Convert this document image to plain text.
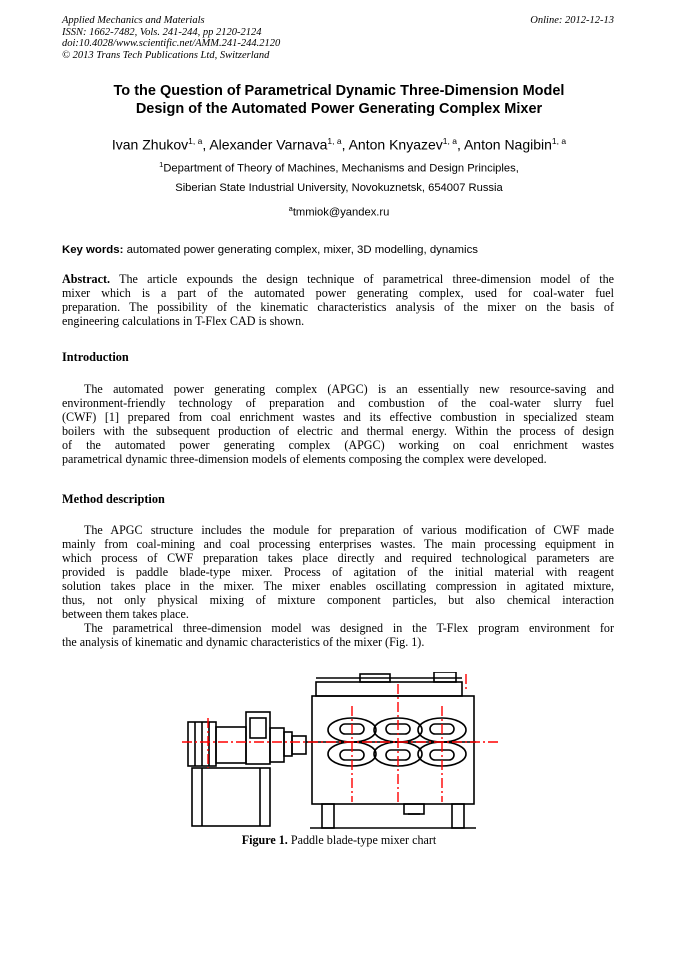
Applied Mechanics and Materials
ISSN: 1662-7482, Vols. 241-244, pp 2120-2124
doi:10.4028/www.scientific.net/AMM.241-244.2120
© 2013 Trans Tech Publications Ltd, Switzerland
Online: 2012-12-13
To the Question of Parametrical Dynamic Three-Dimension Model
Design of the Automated Power Generating Complex Mixer
Ivan Zhukov$^{1, a}$, Alexander Varnava$^{1, a}$, Anton Knyazev$^{1, a}$, Anton Nagibin$^{1, a}$
$^1$Department of Theory of Machines, Mechanisms and Design Principles,
Siberian State Industrial University, Novokuznetsk, 654007 Russia
$^a$tmmiok@yandex.ru
Key words: automated power generating complex, mixer, 3D modelling, dynamics
Abstract. The article expounds the design technique of parametrical three-dimension model of the
mixer which is a part of the automated power generating complex, used for coal-water fuel
preparation. The possibility of the kinematic characteristics analysis of the mixer on the basis of
engineering calculations in T-Flex CAD is shown.
Introduction
The automated power generating complex (APGC) is an essentially new resource-saving and
environment-friendly technology of preparation and combustion of the coal-water slurry fuel
(CWF) [1] prepared from coal enrichment wastes and its effective combustion in specialized steam
boilers with the subsequent production of electric and thermal energy. Within the process of design
of the automated power generating complex (APGC) working on coal enrichment wastes
parametrical dynamic three-dimension models of elements composing the complex were developed.
Method description
The APGC structure includes the module for preparation of various modification of CWF made
mainly from coal-mining and coal processing enterprises wastes. The main processing equipment in
which process of CWF preparation takes place directly and required technological parameters are
provided is paddle blade-type mixer. Process of agitation of the initial material with reagent
solution takes place in the mixer. The mixer enables oscillating compression in agitated mixture,
thus, not only physical mixing of mixture component particles, but also chemical interaction
between them takes place.
The parametrical three-dimension model was designed in the T-Flex program environment for
the analysis of kinematic and dynamic characteristics of the mixer (Fig. 1).
Figure 1. Paddle blade-type mixer chart
